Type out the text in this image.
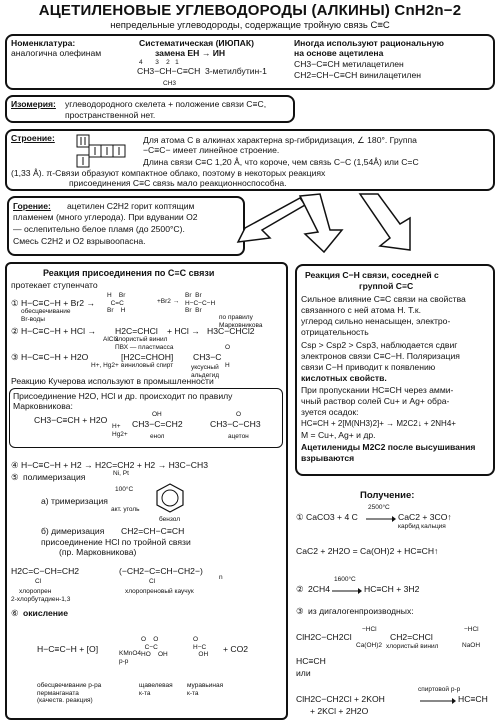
АЦЕТИЛЕНОВЫЕ УГЛЕВОДОРОДЫ (АЛКИНЫ) CnH2n−2
непредельные углеводороды, содержащие тройную связь C≡C
Номенклатура:
аналогична олефинам
Систематическая (ИЮПАК)
замена ЕН → ИН
4       3    2   1
CH3−CH−C≡CH 3-метилбутин-1
CH3
Иногда используют рациональную
на основе ацетилена
CH3−C≡CH метилацетилен
CH2=CH−C≡CH винилацетилен
Изомерия: углеводородного скелета + положение связи C≡C,
пространственной нет.
Строение:	Для атома C в алкинах характерна sp-гибридизация, ∠ 180°. Группа
−C≡C− имеет линейное строение.
Длина связи C≡C 1,20 Å, что короче, чем связь C−C (1,54Å) или C=C
(1,33 Å). π-Связи образуют компактное облако, поэтому в некоторых реакциях
присоединения C≡C связь мало реакционноспособна.
Горение: ацетилен C2H2 горит коптящим
пламенем (много углерода). При вдувании O2
— ослепительно белое пламя (до 2500°С).
Смесь C2H2 и O2 взрывоопасна.
Реакция присоединения по C≡C связи
протекает ступенчато
① H−C≡C−H + Br2 →
обесцвечивание
Br-воды
H    Br
C=C
Br    H
+Br2 →
Br  Br
H−C−C−H
Br  Br
② H−C≡C−H + HCl →
AlCl3
H2C=CHCl
хлористый винил
ПВХ — пластмасса
+ HCl → H3C−CHCl2
по правилу
Марковникова
③ H−C≡C−H + H2O
H+, Hg2+
[H2C=CHOH]
виниловый спирт
O
CH3−C
H
уксусный
альдегид
Реакцию Кучерова используют в промышленности
Присоединение H2O, HCl и др. происходит по правилу
Марковникова:
CH3−C≡CH + H2O
H+
Hg2+
OH
CH3−C=CH2
енол
O
CH3−C−CH3
ацетон
④ H−C≡C−H + H2 → H2C=CH2 + H2 → H3C−CH3
Ni, Pt
⑤ полимеризация
а) тримеризация
100°C
акт. уголь
бензол
б) димеризация CH2=CH−C≡CH
присоединение HCl по тройной связи
(пр. Марковникова)
H2C=C−CH=CH2
Cl
(−CH2−C=CH−CH2−)
n
Cl
хлоропрен
2-хлорбутадиен-1,3
хлоропреновый каучук
⑥ окисление
H−C≡C−H + [O]	KMnO4
р-р
O    O
C−C
HO    OH
O
H−C
OH
+ CO2
обесцвечивание р-ра
перманганата
(качеств. реакция)
щавелевая
к-та
муравьиная
к-та
Реакция C−H связи, соседней с
группой C≡C
Сильное влияние C≡C связи на свойства
связанного с ней атома H. Т.к.
углерод сильно ненасыщен, электро-
отрицательность
Csp > Csp2 > Csp3, наблюдается сдвиг
электронов связи C≡C−H. Поляризация
связи C−H приводит к появлению
кислотных свойств.
При пропускании HC≡CH через амми-
чный раствор солей Cu+ и Ag+ обра-
зуется осадок:
HC≡CH + 2[M(NH3)2]+ → M2C2↓ + 2NH4+
M = Cu+, Ag+ и др.
Ацетилениды M2C2 после высушивания
взрываются
Получение:
① CaCO3 + 4 C
2500°C
CaC2 + 3CO↑
карбид кальция
CaC2 + 2H2O = Ca(OH)2 + HC≡CH↑
② 2CH4
1600°C
HC≡CH + 3H2
③ из дигалогенпроизводных:
ClH2C−CH2Cl
−HCl
Ca(OH)2
CH2=CHCl
хлористый винил
−HCl
NaOH
HC≡CH
или
ClH2C−CH2Cl + 2KOH
спиртовой р-р
HC≡CH
+ 2KCl + 2H2O
